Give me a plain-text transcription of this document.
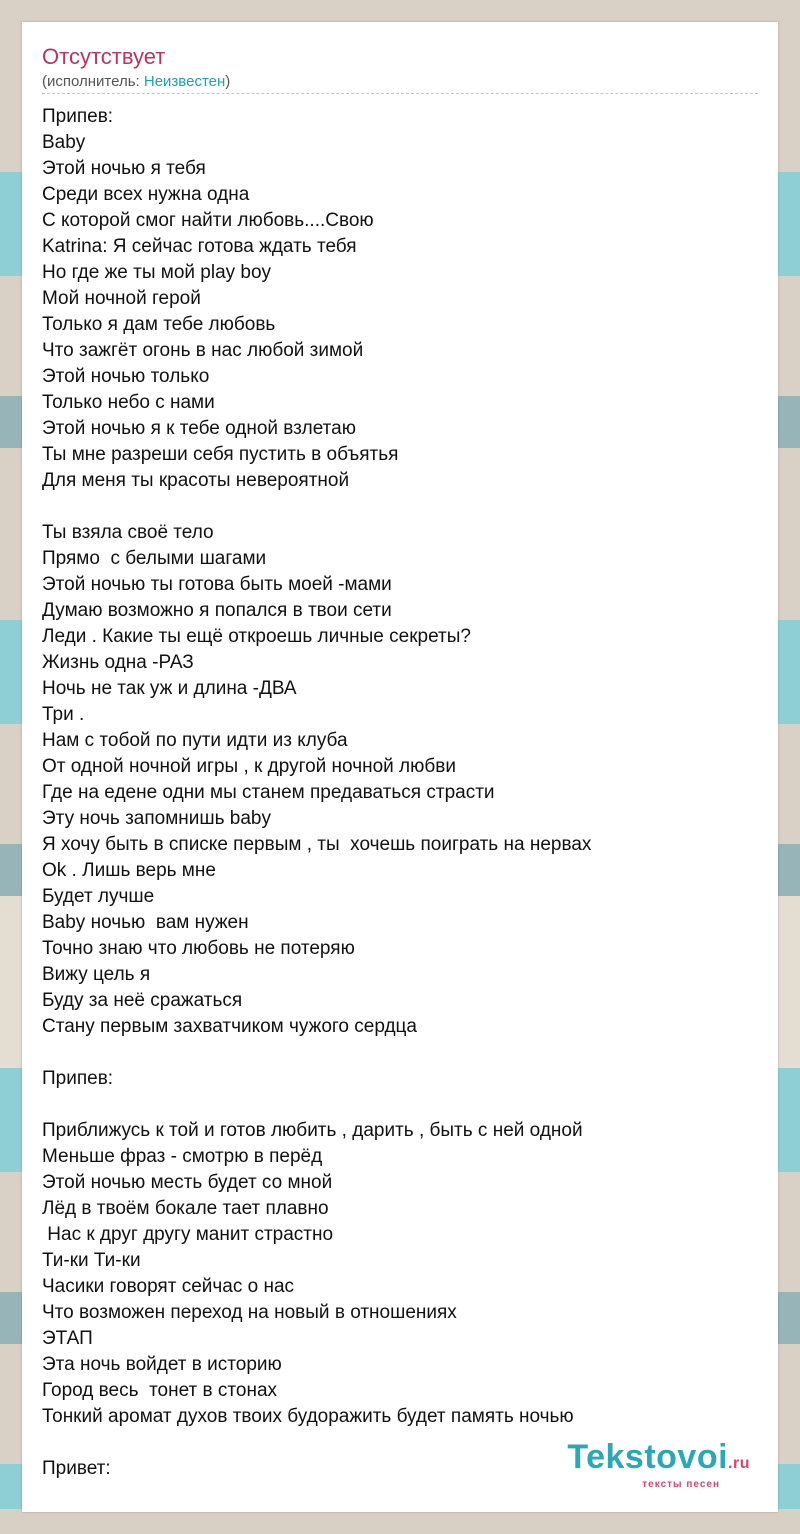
Отсутствует
(исполнитель: Неизвестен)
Припев:
Baby
Этой ночью я тебя
Среди всех нужна одна
С которой смог найти любовь....Свою
Katrina: Я сейчас готова ждать тебя
Но где же ты мой play boy
Мой ночной герой
Только я дам тебе любовь
Что зажгёт огонь в нас любой зимой
Этой ночью только
Только небо с нами
Этой ночью я к тебе одной взлетаю
Ты мне разреши себя пустить в объятья
Для меня ты красоты невероятной
Ты взяла своё тело
Прямо  с белыми шагами
Этой ночью ты готова быть моей -мами
Думаю возможно я попался в твои сети
Леди . Какие ты ещё откроешь личные секреты?
Жизнь одна -РАЗ
Ночь не так уж и длина -ДВА
Три .
Нам с тобой по пути идти из клуба
От одной ночной игры , к другой ночной любви
Где на едене одни мы станем предаваться страсти
Эту ночь запомнишь baby
Я хочу быть в списке первым , ты  хочешь поиграть на нервах
Ok . Лишь верь мне
Будет лучше
Baby ночью  вам нужен
Точно знаю что любовь не потеряю
Вижу цель я
Буду за неё сражаться
Стану первым захватчиком чужого сердца
Припев:
Приближусь к той и готов любить , дарить , быть с ней одной
Меньше фраз - смотрю в перёд
Этой ночью месть будет со мной
Лёд в твоём бокале тает плавно
Нас к друг другу манит страстно
Ти-ки Ти-ки
Часики говорят сейчас о нас
Что возможен переход на новый в отношениях
ЭТАП
Эта ночь войдет в историю
Город весь  тонет в стонах
Тонкий аромат духов твоих будоражить будет память ночью
Привет:	Tekstovoi.ru
тексты песен
